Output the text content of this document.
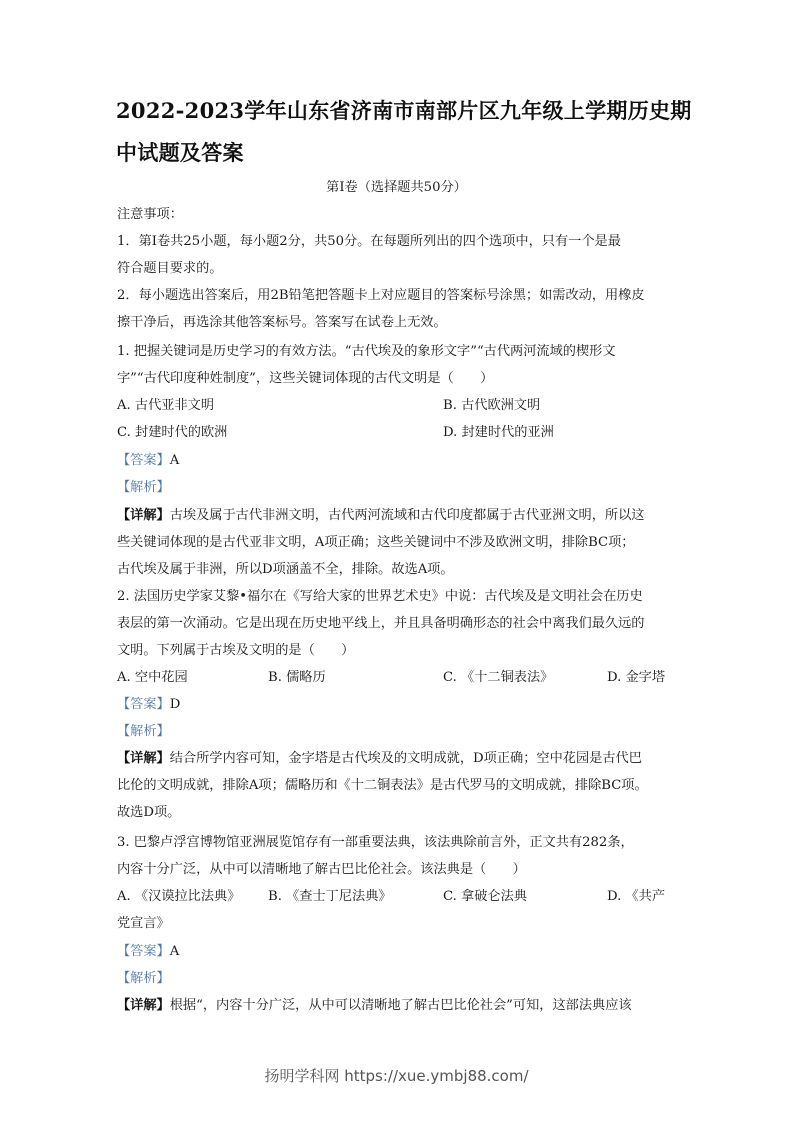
2022-2023学年山东省济南市南部片区九年级上学期历史期
中试题及答案
第Ⅰ卷（选择题共50分）
注意事项：
1．第Ⅰ卷共25小题，每小题2分，共50分。在每题所列出的四个选项中，只有一个是最
符合题目要求的。
2．每小题选出答案后，用2B铅笔把答题卡上对应题目的答案标号涂黑；如需改动，用橡皮
擦干净后，再选涂其他答案标号。答案写在试卷上无效。
1. 把握关键词是历史学习的有效方法。“古代埃及的象形文字”“古代两河流域的楔形文
字”“古代印度种姓制度”，这些关键词体现的古代文明是（　　）
A. 古代亚非文明	B. 古代欧洲文明
C. 封建时代的欧洲	D. 封建时代的亚洲
【答案】A
【解析】
【详解】古埃及属于古代非洲文明，古代两河流域和古代印度都属于古代亚洲文明，所以这
些关键词体现的是古代亚非文明，A项正确；这些关键词中不涉及欧洲文明，排除BC项；
古代埃及属于非洲，所以D项涵盖不全，排除。故选A项。
2. 法国历史学家艾黎•福尔在《写给大家的世界艺术史》中说：古代埃及是文明社会在历史
表层的第一次涌动。它是出现在历史地平线上，并且具备明确形态的社会中离我们最久远的
文明。下列属于古埃及文明的是（　　）
A. 空中花园	B. 儒略历	C. 《十二铜表法》	D. 金字塔
【答案】D
【解析】
【详解】结合所学内容可知，金字塔是古代埃及的文明成就，D项正确；空中花园是古代巴
比伦的文明成就，排除A项；儒略历和《十二铜表法》是古代罗马的文明成就，排除BC项。
故选D项。
3. 巴黎卢浮宫博物馆亚洲展览馆存有一部重要法典，该法典除前言外，正文共有282条，
内容十分广泛，从中可以清晰地了解古巴比伦社会。该法典是（　　）
A. 《汉谟拉比法典》 B. 《查士丁尼法典》	C. 拿破仑法典	D. 《共产
党宣言》
【答案】A
【解析】
【详解】根据“，内容十分广泛，从中可以清晰地了解古巴比伦社会”可知，这部法典应该
扬明学科网 https://xue.ymbj88.com/
